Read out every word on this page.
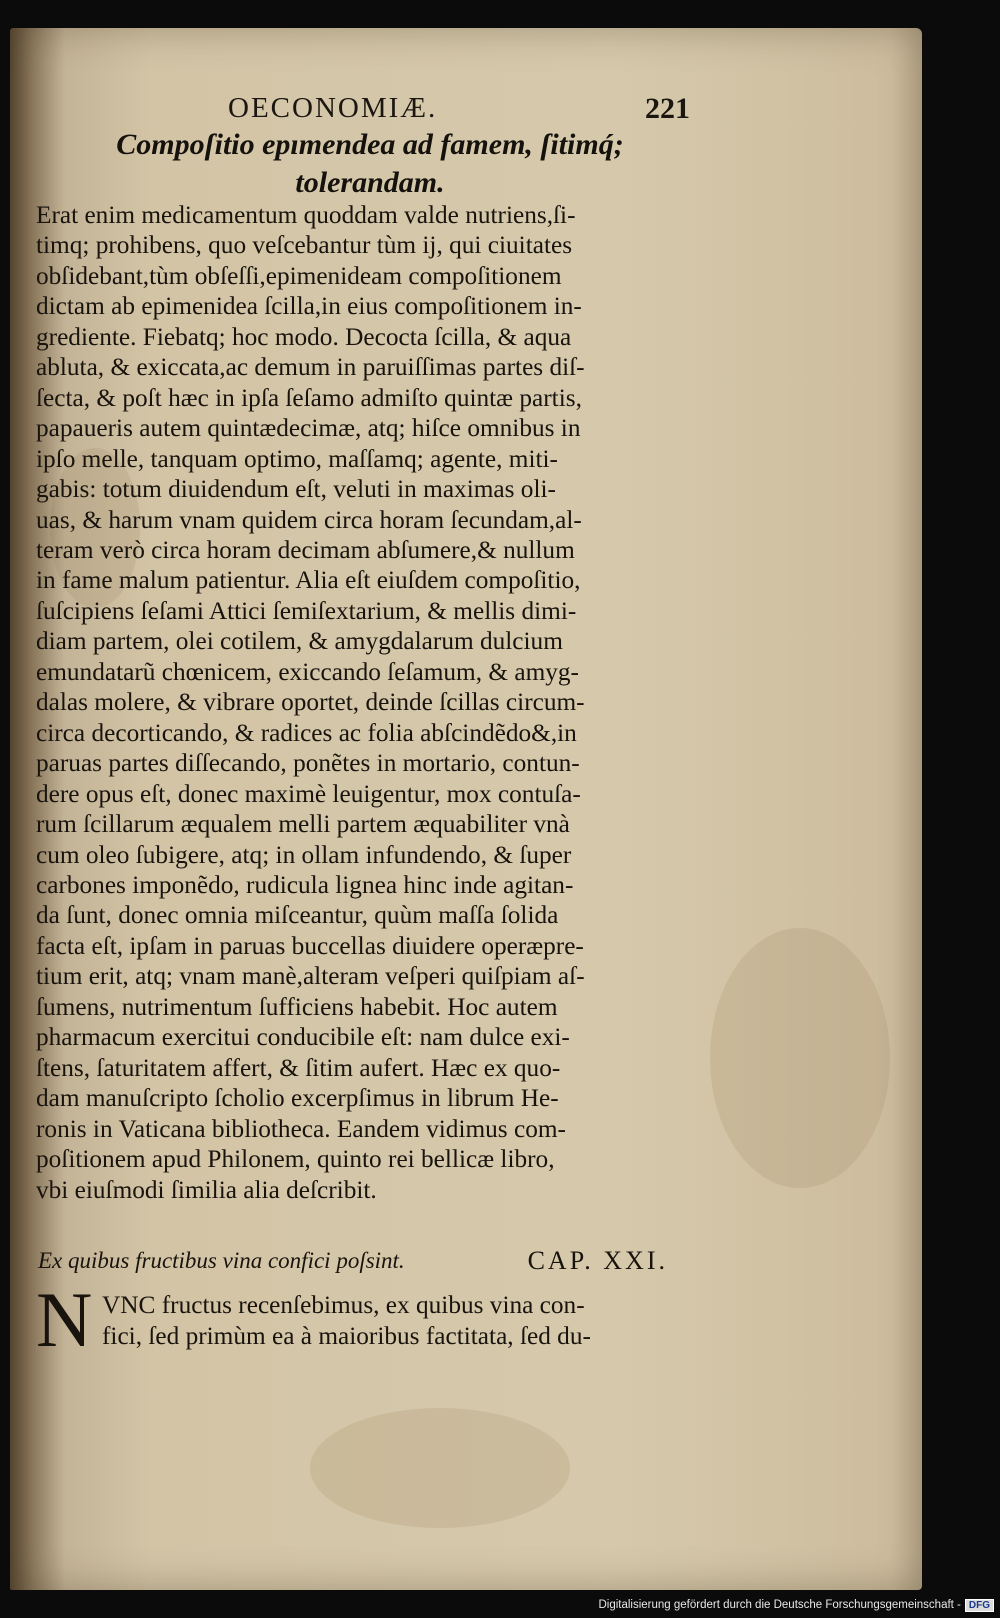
OECONOMIÆ.	221
Compoſitio epımendea ad famem, ſitimq́;
tolerandam.
Erat enim medicamentum quoddam valde nutriens,ſi-
timq; prohibens, quo veſcebantur tùm ij, qui ciuitates
obſidebant,tùm obſeſſi,epimenideam compoſitionem
dictam ab epimenidea ſcilla,in eius compoſitionem in-
grediente. Fiebatq; hoc modo. Decocta ſcilla, & aqua
abluta, & exiccata,ac demum in paruiſſimas partes diſ-
ſecta, & poſt hæc in ipſa ſeſamo admiſto quintæ partis,
papaueris autem quintædecimæ, atq; hiſce omnibus in
ipſo melle, tanquam optimo, maſſamq; agente, miti-
gabis: totum diuidendum eſt, veluti in maximas oli-
uas, & harum vnam quidem circa horam ſecundam,al-
teram verò circa horam decimam abſumere,& nullum
in fame malum patientur. Alia eſt eiuſdem compoſitio,
ſuſcipiens ſeſami Attici ſemiſextarium, & mellis dimi-
diam partem, olei cotilem, & amygdalarum dulcium
emundatarũ chœnicem, exiccando ſeſamum, & amyg-
dalas molere, & vibrare oportet, deinde ſcillas circum-
circa decorticando, & radices ac folia abſcindẽdo&,in
paruas partes diſſecando, ponẽtes in mortario, contun-
dere opus eſt, donec maximè leuigentur, mox contuſa-
rum ſcillarum æqualem melli partem æquabiliter vnà
cum oleo ſubigere, atq; in ollam infundendo, & ſuper
carbones imponẽdo, rudicula lignea hinc inde agitan-
da ſunt, donec omnia miſceantur, quùm maſſa ſolida
facta eſt, ipſam in paruas buccellas diuidere operæpre-
tium erit, atq; vnam manè,alteram veſperi quiſpiam aſ-
ſumens, nutrimentum ſufficiens habebit. Hoc autem
pharmacum exercitui conducibile eſt: nam dulce exi-
ſtens, ſaturitatem affert, & ſitim aufert. Hæc ex quo-
dam manuſcripto ſcholio excerpſimus in librum He-
ronis in Vaticana bibliotheca. Eandem vidimus com-
poſitionem apud Philonem, quinto rei bellicæ libro,
vbi eiuſmodi ſimilia alia deſcribit.
Ex quibus fructibus vina confici poſsint.	CAP. XXI.
N VNC fructus recenſebimus, ex quibus vina con-
fici, ſed primùm ea à maioribus factitata, ſed du-
Digitalisierung gefördert durch die Deutsche Forschungsgemeinschaft - DFG
